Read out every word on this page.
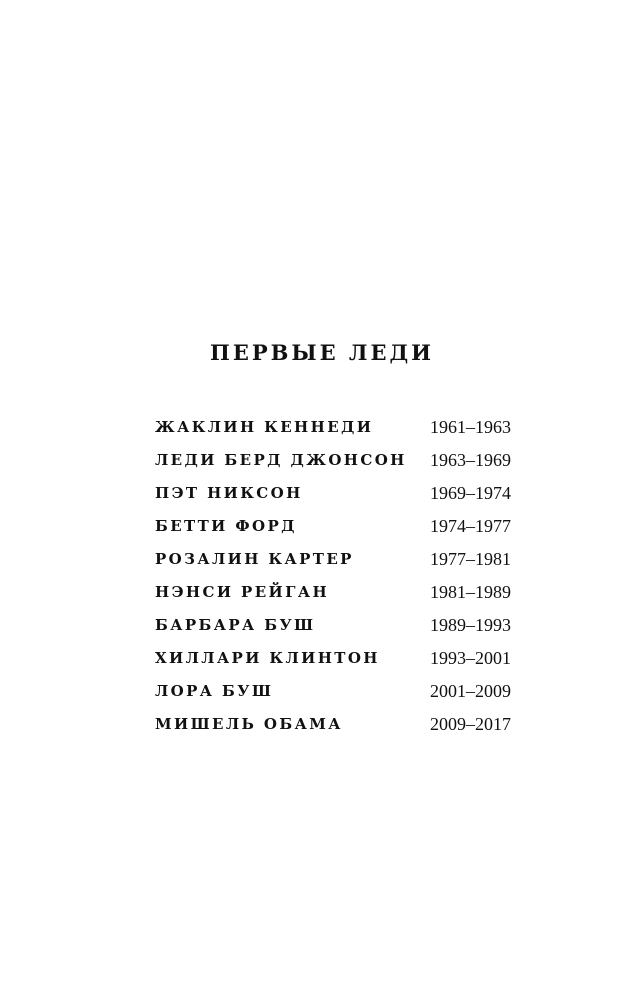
ПЕРВЫЕ ЛЕДИ
ЖАКЛИН КЕННЕДИ	1961–1963
ЛЕДИ БЕРД ДЖОНСОН 1963–1969
ПЭТ НИКСОН	1969–1974
БЕТТИ ФОРД	1974–1977
РОЗАЛИН КАРТЕР	1977–1981
НЭНСИ РЕЙГАН	1981–1989
БАРБАРА БУШ	1989–1993
ХИЛЛАРИ КЛИНТОН	1993–2001
ЛОРА БУШ	2001–2009
МИШЕЛЬ ОБАМА	2009–2017
